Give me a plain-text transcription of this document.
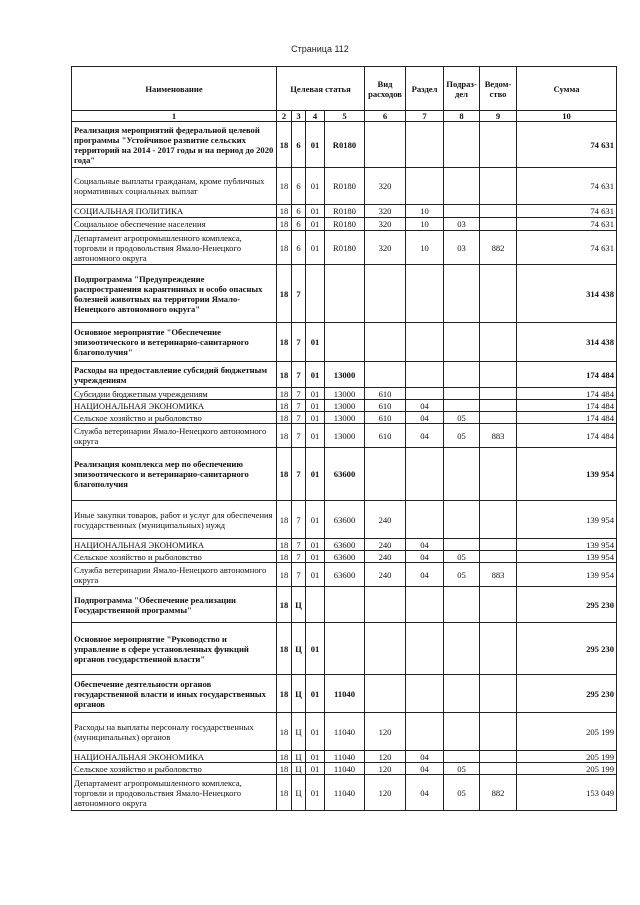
Страница 112
Наименование	Целевая статья				Вид расходов	Раздел	Подраз-дел	Ведом-ство	Сумма
1	2	3	4	5	6	7	8	9	10
Реализация мероприятий федеральной целевой программы "Устойчивое развитие сельских территорий на 2014 - 2017 годы и на период до 2020 года"	18	6	01	R0180					74 631
Социальные выплаты гражданам, кроме публичных нормативных социальных выплат	18	6	01	R0180	320				74 631
СОЦИАЛЬНАЯ ПОЛИТИКА	18	6	01	R0180	320	10			74 631
Социальное обеспечение населения	18	6	01	R0180	320	10	03		74 631
Департамент агропромышленного комплекса, торговли и продовольствия Ямало-Ненецкого автономного округа	18	6	01	R0180	320	10	03	882	74 631
Подпрограмма "Предупреждение распространения карантинных и особо опасных болезней животных на территории Ямало-Ненецкого автономного округа"	18	7							314 438
Основное мероприятие "Обеспечение эпизоотического и ветеринарно-санитарного благополучия"	18	7	01						314 438
Расходы на предоставление субсидий бюджетным учреждениям	18	7	01	13000					174 484
Субсидии бюджетным учреждениям	18	7	01	13000	610				174 484
НАЦИОНАЛЬНАЯ ЭКОНОМИКА	18	7	01	13000	610	04			174 484
Сельское хозяйство и рыболовство	18	7	01	13000	610	04	05		174 484
Служба ветеринарии Ямало-Ненецкого автономного округа	18	7	01	13000	610	04	05	883	174 484
Реализация комплекса мер по обеспечению эпизоотического и ветеринарно-санитарного благополучия	18	7	01	63600					139 954
Иные закупки товаров, работ и услуг для обеспечения государственных (муниципальных) нужд	18	7	01	63600	240				139 954
НАЦИОНАЛЬНАЯ ЭКОНОМИКА	18	7	01	63600	240	04			139 954
Сельское хозяйство и рыболовство	18	7	01	63600	240	04	05		139 954
Служба ветеринарии Ямало-Ненецкого автономного округа	18	7	01	63600	240	04	05	883	139 954
Подпрограмма "Обеспечение реализации Государственной программы"	18	Ц							295 230
Основное мероприятие "Руководство и управление в сфере установленных функций органов государственной власти"	18	Ц	01						295 230
Обеспечение деятельности органов государственной власти и иных государственных органов	18	Ц	01	11040					295 230
Расходы на выплаты персоналу государственных (муниципальных) органов	18	Ц	01	11040	120				205 199
НАЦИОНАЛЬНАЯ ЭКОНОМИКА	18	Ц	01	11040	120	04			205 199
Сельское хозяйство и рыболовство	18	Ц	01	11040	120	04	05		205 199
Департамент агропромышленного комплекса, торговли и продовольствия Ямало-Ненецкого автономного округа	18	Ц	01	11040	120	04	05	882	153 049
